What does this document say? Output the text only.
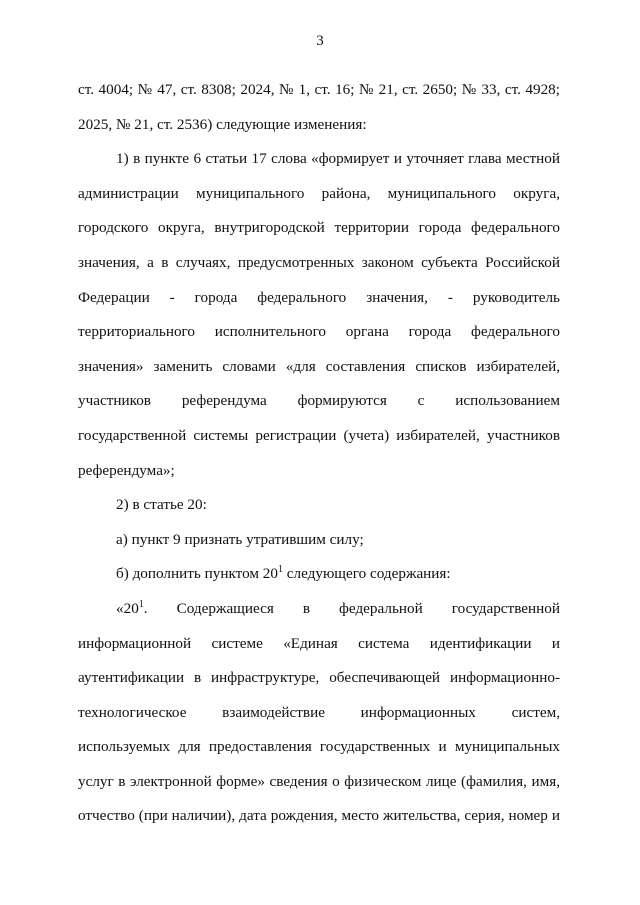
3

ст. 4004; № 47, ст. 8308; 2024, № 1, ст. 16; № 21, ст. 2650; № 33, ст. 4928;

2025, № 21, ст. 2536) следующие изменения:

1) в пункте 6 статьи 17 слова «формирует и уточняет глава местной администрации муниципального района, муниципального округа, городского округа, внутригородской территории города федерального значения, а в случаях, предусмотренных законом субъекта Российской Федерации - города федерального значения, - руководитель территориального исполнительного органа города федерального значения» заменить словами «для составления списков избирателей, участников референдума формируются с использованием государственной системы регистрации (учета) избирателей, участников референдума»;

2) в статье 20:

а) пункт 9 признать утратившим силу;

б) дополнить пунктом $20^1$ следующего содержания:

«$20^1$. Содержащиеся в федеральной государственной информационной системе «Единая система идентификации и аутентификации в инфраструктуре, обеспечивающей информационно-технологическое взаимодействие информационных систем, используемых для предоставления государственных и муниципальных услуг в электронной форме» сведения о физическом лице (фамилия, имя, отчество (при наличии), дата рождения, место жительства, серия, номер и
